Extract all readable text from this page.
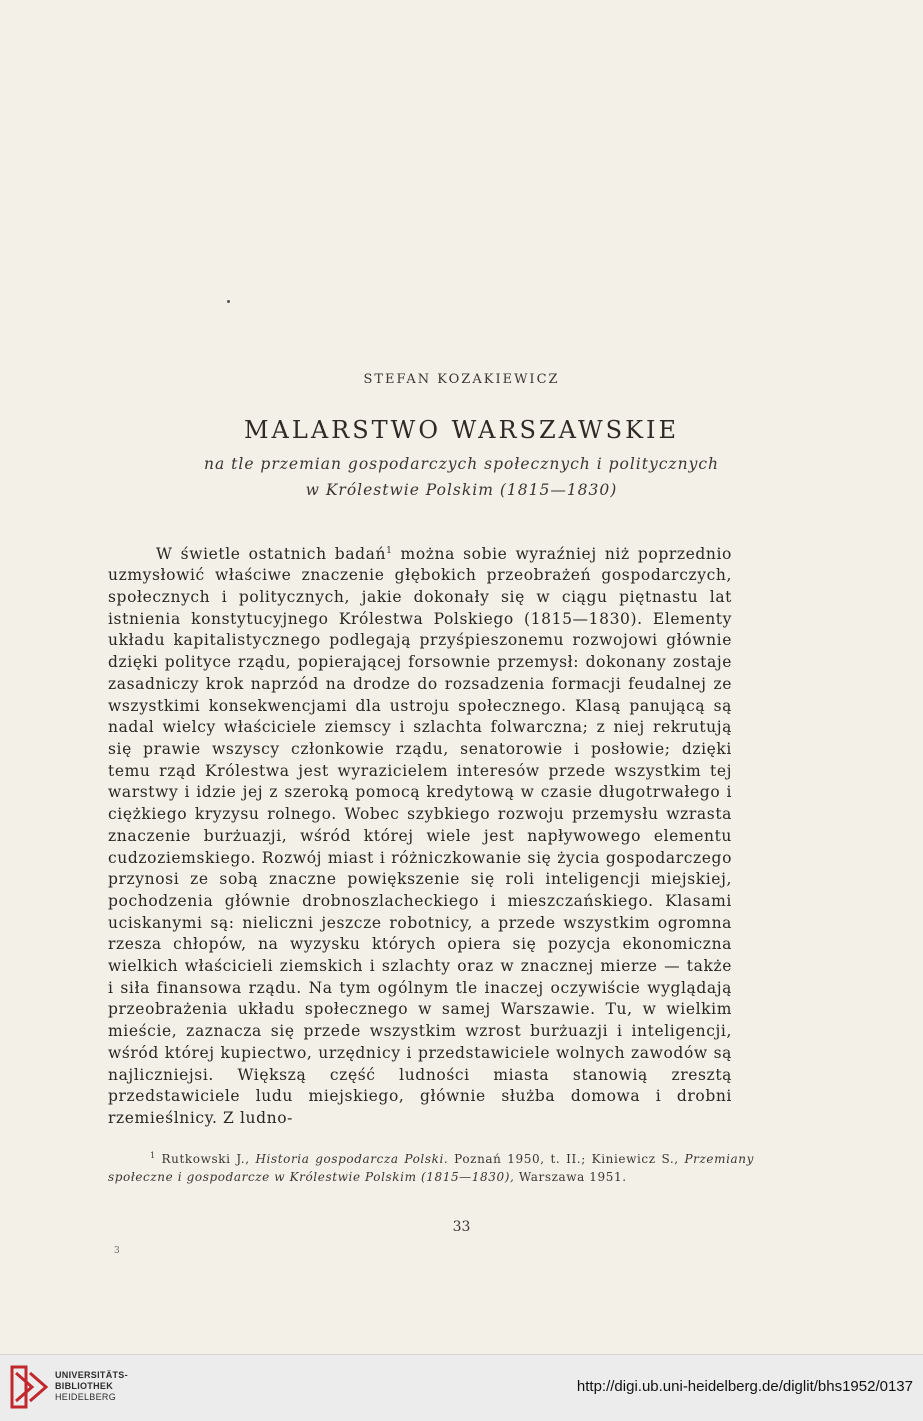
STEFAN KOZAKIEWICZ
MALARSTWO WARSZAWSKIE
na tle przemian gospodarczych społecznych i politycznych
w Królestwie Polskim (1815—1830)

W świetle ostatnich badań$^1$ można sobie wyraźniej niż poprzednio uzmysłowić właściwe znaczenie głębokich przeobrażeń gospodarczych, społecznych i politycznych, jakie dokonały się w ciągu piętnastu lat istnienia konstytucyjnego Królestwa Polskiego (1815—1830). Elementy układu kapitalistycznego podlegają przyśpieszonemu rozwojowi głównie dzięki polityce rządu, popierającej forsownie przemysł: dokonany zostaje zasadniczy krok naprzód na drodze do rozsadzenia formacji feudalnej ze wszystkimi konsekwencjami dla ustroju społecznego. Klasą panującą są nadal wielcy właściciele ziemscy i szlachta folwarczna; z niej rekrutują się prawie wszyscy członkowie rządu, senatorowie i posłowie; dzięki temu rząd Królestwa jest wyrazicielem interesów przede wszystkim tej warstwy i idzie jej z szeroką pomocą kredytową w czasie długotrwałego i ciężkiego kryzysu rolnego. Wobec szybkiego rozwoju przemysłu wzrasta znaczenie burżuazji, wśród której wiele jest napływowego elementu cudzoziemskiego. Rozwój miast i różniczkowanie się życia gospodarczego przynosi ze sobą znaczne powiększenie się roli inteligencji miejskiej, pochodzenia głównie drobnoszlacheckiego i mieszczańskiego. Klasami uciskanymi są: nieliczni jeszcze robotnicy, a przede wszystkim ogromna rzesza chłopów, na wyzysku których opiera się pozycja ekonomiczna wielkich właścicieli ziemskich i szlachty oraz w znacznej mierze — także i siła finansowa rządu. Na tym ogólnym tle inaczej oczywiście wyglądają przeobrażenia układu społecznego w samej Warszawie. Tu, w wielkim mieście, zaznacza się przede wszystkim wzrost burżuazji i inteligencji, wśród której kupiectwo, urzędnicy i przedstawiciele wolnych zawodów są najliczniejsi. Większą część ludności miasta stanowią zresztą przedstawiciele ludu miejskiego, głównie służba domowa i drobni rzemieślnicy. Z ludno-

$^1$ Rutkowski J., Historia gospodarcza Polski. Poznań 1950, t. II.; Kiniewicz S., Przemiany społeczne i gospodarcze w Królestwie Polskim (1815—1830), Warszawa 1951.

33
3
UNIVERSITÄTS-
BIBLIOTHEK
HEIDELBERG
http://digi.ub.uni-heidelberg.de/diglit/bhs1952/0137
